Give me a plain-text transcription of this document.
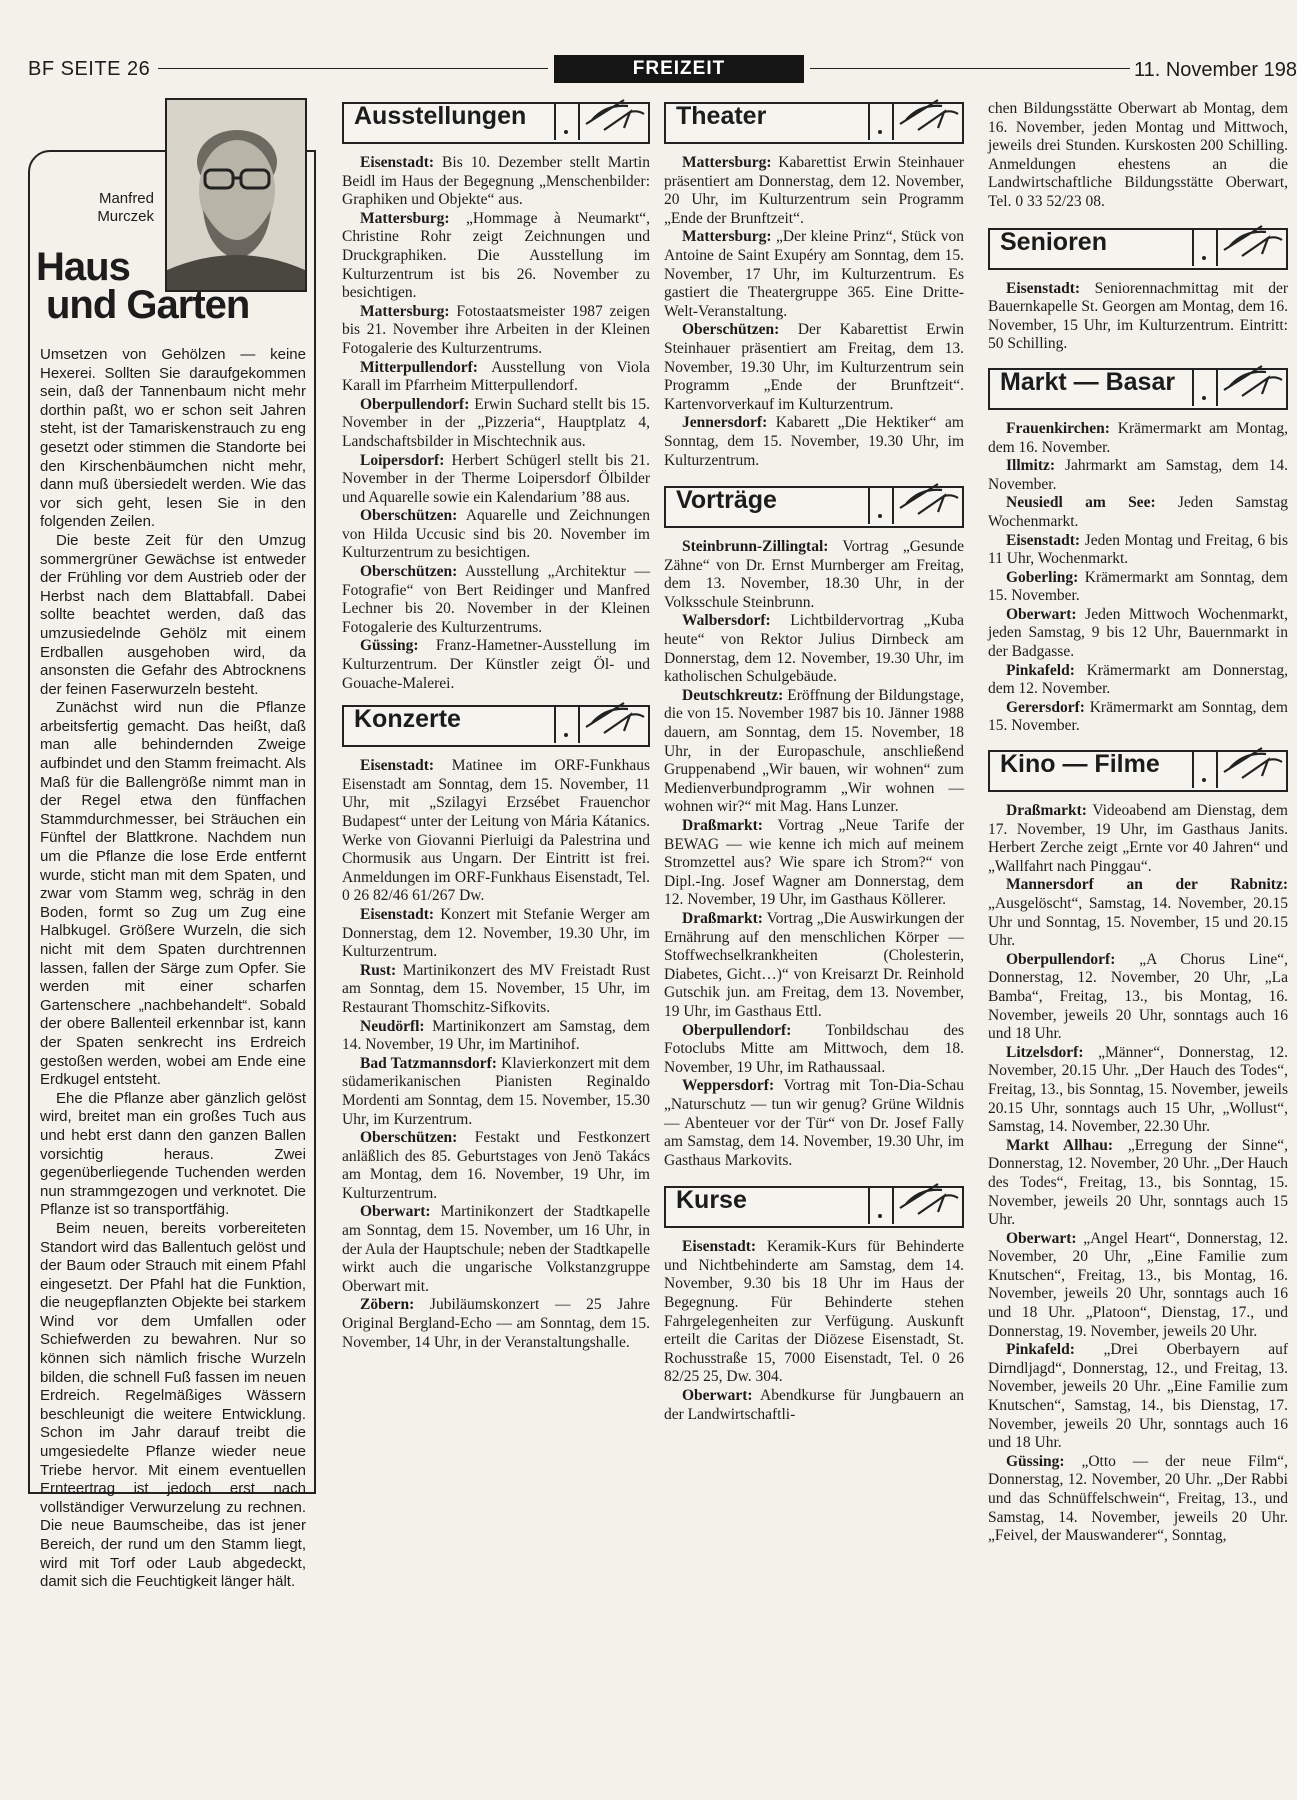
BF SEITE 26	FREIZEIT	11. November 198
Manfred
Murczek
Haus
und Garten

Umsetzen von Gehölzen — keine Hexerei. Sollten Sie daraufgekommen sein, daß der Tannenbaum nicht mehr dorthin paßt, wo er schon seit Jahren steht, ist der Tamariskenstrauch zu eng gesetzt oder stimmen die Standorte bei den Kirschenbäumchen nicht mehr, dann muß übersiedelt werden. Wie das vor sich geht, lesen Sie in den folgenden Zeilen.

Die beste Zeit für den Umzug sommergrüner Gewächse ist entweder der Frühling vor dem Austrieb oder der Herbst nach dem Blattabfall. Dabei sollte beachtet werden, daß das umzusiedelnde Gehölz mit einem Erdballen ausgehoben wird, da ansonsten die Gefahr des Abtrocknens der feinen Faserwurzeln besteht.

Zunächst wird nun die Pflanze arbeitsfertig gemacht. Das heißt, daß man alle behindernden Zweige aufbindet und den Stamm freimacht. Als Maß für die Ballengröße nimmt man in der Regel etwa den fünffachen Stammdurchmesser, bei Sträuchen ein Fünftel der Blattkrone. Nachdem nun um die Pflanze die lose Erde entfernt wurde, sticht man mit dem Spaten, und zwar vom Stamm weg, schräg in den Boden, formt so Zug um Zug eine Halbkugel. Größere Wurzeln, die sich nicht mit dem Spaten durchtrennen lassen, fallen der Särge zum Opfer. Sie werden mit einer scharfen Gartenschere „nachbehandelt“. Sobald der obere Ballenteil erkennbar ist, kann der Spaten senkrecht ins Erdreich gestoßen werden, wobei am Ende eine Erdkugel entsteht.

Ehe die Pflanze aber gänzlich gelöst wird, breitet man ein großes Tuch aus und hebt erst dann den ganzen Ballen vorsichtig heraus. Zwei gegenüberliegende Tuchenden werden nun strammgezogen und verknotet. Die Pflanze ist so transportfähig.

Beim neuen, bereits vorbereiteten Standort wird das Ballentuch gelöst und der Baum oder Strauch mit einem Pfahl eingesetzt. Der Pfahl hat die Funktion, die neugepflanzten Objekte bei starkem Wind vor dem Umfallen oder Schiefwerden zu bewahren. Nur so können sich nämlich frische Wurzeln bilden, die schnell Fuß fassen im neuen Erdreich. Regelmäßiges Wässern beschleunigt die weitere Entwicklung. Schon im Jahr darauf treibt die umgesiedelte Pflanze wieder neue Triebe hervor. Mit einem eventuellen Ernteertrag ist jedoch erst nach vollständiger Verwurzelung zu rechnen. Die neue Baumscheibe, das ist jener Bereich, der rund um den Stamm liegt, wird mit Torf oder Laub abgedeckt, damit sich die Feuchtigkeit länger hält.

Ausstellungen

Eisenstadt: Bis 10. Dezember stellt Martin Beidl im Haus der Begegnung „Menschenbilder: Graphiken und Objekte“ aus.

Mattersburg: „Hommage à Neumarkt“, Christine Rohr zeigt Zeichnungen und Druckgraphiken. Die Ausstellung im Kulturzentrum ist bis 26. November zu besichtigen.

Mattersburg: Fotostaatsmeister 1987 zeigen bis 21. November ihre Arbeiten in der Kleinen Fotogalerie des Kulturzentrums.

Mitterpullendorf: Ausstellung von Viola Karall im Pfarrheim Mitterpullendorf.

Oberpullendorf: Erwin Suchard stellt bis 15. November in der „Pizzeria“, Hauptplatz 4, Landschaftsbilder in Mischtechnik aus.

Loipersdorf: Herbert Schügerl stellt bis 21. November in der Therme Loipersdorf Ölbilder und Aquarelle sowie ein Kalendarium ’88 aus.

Oberschützen: Aquarelle und Zeichnungen von Hilda Uccusic sind bis 20. November im Kulturzentrum zu besichtigen.

Oberschützen: Ausstellung „Architektur — Fotografie“ von Bert Reidinger und Manfred Lechner bis 20. November in der Kleinen Fotogalerie des Kulturzentrums.

Güssing: Franz-Hametner-Ausstellung im Kulturzentrum. Der Künstler zeigt Öl- und Gouache-Malerei.

Konzerte

Eisenstadt: Matinee im ORF-Funkhaus Eisenstadt am Sonntag, dem 15. November, 11 Uhr, mit „Szilagyi Erzsébet Frauenchor Budapest“ unter der Leitung von Mária Kátanics. Werke von Giovanni Pierluigi da Palestrina und Chormusik aus Ungarn. Der Eintritt ist frei. Anmeldungen im ORF-Funkhaus Eisenstadt, Tel. 0 26 82/46 61/267 Dw.

Eisenstadt: Konzert mit Stefanie Werger am Donnerstag, dem 12. November, 19.30 Uhr, im Kulturzentrum.

Rust: Martinikonzert des MV Freistadt Rust am Sonntag, dem 15. November, 15 Uhr, im Restaurant Thomschitz-Sifkovits.

Neudörfl: Martinikonzert am Samstag, dem 14. November, 19 Uhr, im Martinihof.

Bad Tatzmannsdorf: Klavierkonzert mit dem südamerikanischen Pianisten Reginaldo Mordenti am Sonntag, dem 15. November, 15.30 Uhr, im Kurzentrum.

Oberschützen: Festakt und Festkonzert anläßlich des 85. Geburtstages von Jenö Takács am Montag, dem 16. November, 19 Uhr, im Kulturzentrum.

Oberwart: Martinikonzert der Stadtkapelle am Sonntag, dem 15. November, um 16 Uhr, in der Aula der Hauptschule; neben der Stadtkapelle wirkt auch die ungarische Volkstanzgruppe Oberwart mit.

Zöbern: Jubiläumskonzert — 25 Jahre Original Bergland-Echo — am Sonntag, dem 15. November, 14 Uhr, in der Veranstaltungshalle.

Theater

Mattersburg: Kabarettist Erwin Steinhauer präsentiert am Donnerstag, dem 12. November, 20 Uhr, im Kulturzentrum sein Programm „Ende der Brunftzeit“.

Mattersburg: „Der kleine Prinz“, Stück von Antoine de Saint Exupéry am Sonntag, dem 15. November, 17 Uhr, im Kulturzentrum. Es gastiert die Theatergruppe 365. Eine Dritte-Welt-Veranstaltung.

Oberschützen: Der Kabarettist Erwin Steinhauer präsentiert am Freitag, dem 13. November, 19.30 Uhr, im Kulturzentrum sein Programm „Ende der Brunftzeit“. Kartenvorverkauf im Kulturzentrum.

Jennersdorf: Kabarett „Die Hektiker“ am Sonntag, dem 15. November, 19.30 Uhr, im Kulturzentrum.

Vorträge

Steinbrunn-Zillingtal: Vortrag „Gesunde Zähne“ von Dr. Ernst Murnberger am Freitag, dem 13. November, 18.30 Uhr, in der Volksschule Steinbrunn.

Walbersdorf: Lichtbildervortrag „Kuba heute“ von Rektor Julius Dirnbeck am Donnerstag, dem 12. November, 19.30 Uhr, im katholischen Schulgebäude.

Deutschkreutz: Eröffnung der Bildungstage, die von 15. November 1987 bis 10. Jänner 1988 dauern, am Sonntag, dem 15. November, 18 Uhr, in der Europaschule, anschließend Gruppenabend „Wir bauen, wir wohnen“ zum Medienverbundprogramm „Wir wohnen — wohnen wir?“ mit Mag. Hans Lunzer.

Draßmarkt: Vortrag „Neue Tarife der BEWAG — wie kenne ich mich auf meinem Stromzettel aus? Wie spare ich Strom?“ von Dipl.-Ing. Josef Wagner am Donnerstag, dem 12. November, 19 Uhr, im Gasthaus Köllerer.

Draßmarkt: Vortrag „Die Auswirkungen der Ernährung auf den menschlichen Körper — Stoffwechselkrankheiten (Cholesterin, Diabetes, Gicht…)“ von Kreisarzt Dr. Reinhold Gutschik jun. am Freitag, dem 13. November, 19 Uhr, im Gasthaus Ettl.

Oberpullendorf: Tonbildschau des Fotoclubs Mitte am Mittwoch, dem 18. November, 19 Uhr, im Rathaussaal.

Weppersdorf: Vortrag mit Ton-Dia-Schau „Naturschutz — tun wir genug? Grüne Wildnis — Abenteuer vor der Tür“ von Dr. Josef Fally am Samstag, dem 14. November, 19.30 Uhr, im Gasthaus Markovits.

Kurse

Eisenstadt: Keramik-Kurs für Behinderte und Nichtbehinderte am Samstag, dem 14. November, 9.30 bis 18 Uhr im Haus der Begegnung. Für Behinderte stehen Fahrgelegenheiten zur Verfügung. Auskunft erteilt die Caritas der Diözese Eisenstadt, St. Rochusstraße 15, 7000 Eisenstadt, Tel. 0 26 82/25 25, Dw. 304.

Oberwart: Abendkurse für Jungbauern an der Landwirtschaftli-

chen Bildungsstätte Oberwart ab Montag, dem 16. November, jeden Montag und Mittwoch, jeweils drei Stunden. Kurskosten 200 Schilling. Anmeldungen ehestens an die Landwirtschaftliche Bildungsstätte Oberwart, Tel. 0 33 52/23 08.

Senioren

Eisenstadt: Seniorennachmittag mit der Bauernkapelle St. Georgen am Montag, dem 16. November, 15 Uhr, im Kulturzentrum. Eintritt: 50 Schilling.

Markt — Basar

Frauenkirchen: Krämermarkt am Montag, dem 16. November.

Illmitz: Jahrmarkt am Samstag, dem 14. November.

Neusiedl am See: Jeden Samstag Wochenmarkt.

Eisenstadt: Jeden Montag und Freitag, 6 bis 11 Uhr, Wochenmarkt.

Goberling: Krämermarkt am Sonntag, dem 15. November.

Oberwart: Jeden Mittwoch Wochenmarkt, jeden Samstag, 9 bis 12 Uhr, Bauernmarkt in der Badgasse.

Pinkafeld: Krämermarkt am Donnerstag, dem 12. November.

Gerersdorf: Krämermarkt am Sonntag, dem 15. November.

Kino — Filme

Draßmarkt: Videoabend am Dienstag, dem 17. November, 19 Uhr, im Gasthaus Janits. Herbert Zerche zeigt „Ernte vor 40 Jahren“ und „Wallfahrt nach Pinggau“.

Mannersdorf an der Rabnitz: „Ausgelöscht“, Samstag, 14. November, 20.15 Uhr und Sonntag, 15. November, 15 und 20.15 Uhr.

Oberpullendorf: „A Chorus Line“, Donnerstag, 12. November, 20 Uhr, „La Bamba“, Freitag, 13., bis Montag, 16. November, jeweils 20 Uhr, sonntags auch 16 und 18 Uhr.

Litzelsdorf: „Männer“, Donnerstag, 12. November, 20.15 Uhr. „Der Hauch des Todes“, Freitag, 13., bis Sonntag, 15. November, jeweils 20.15 Uhr, sonntags auch 15 Uhr, „Wollust“, Samstag, 14. November, 22.30 Uhr.

Markt Allhau: „Erregung der Sinne“, Donnerstag, 12. November, 20 Uhr. „Der Hauch des Todes“, Freitag, 13., bis Sonntag, 15. November, jeweils 20 Uhr, sonntags auch 15 Uhr.

Oberwart: „Angel Heart“, Donnerstag, 12. November, 20 Uhr, „Eine Familie zum Knutschen“, Freitag, 13., bis Montag, 16. November, jeweils 20 Uhr, sonntags auch 16 und 18 Uhr. „Platoon“, Dienstag, 17., und Donnerstag, 19. November, jeweils 20 Uhr.

Pinkafeld: „Drei Oberbayern auf Dirndljagd“, Donnerstag, 12., und Freitag, 13. November, jeweils 20 Uhr. „Eine Familie zum Knutschen“, Samstag, 14., bis Dienstag, 17. November, jeweils 20 Uhr, sonntags auch 16 und 18 Uhr.

Güssing: „Otto — der neue Film“, Donnerstag, 12. November, 20 Uhr. „Der Rabbi und das Schnüffelschwein“, Freitag, 13., und Samstag, 14. November, jeweils 20 Uhr. „Feivel, der Mauswanderer“, Sonntag,
